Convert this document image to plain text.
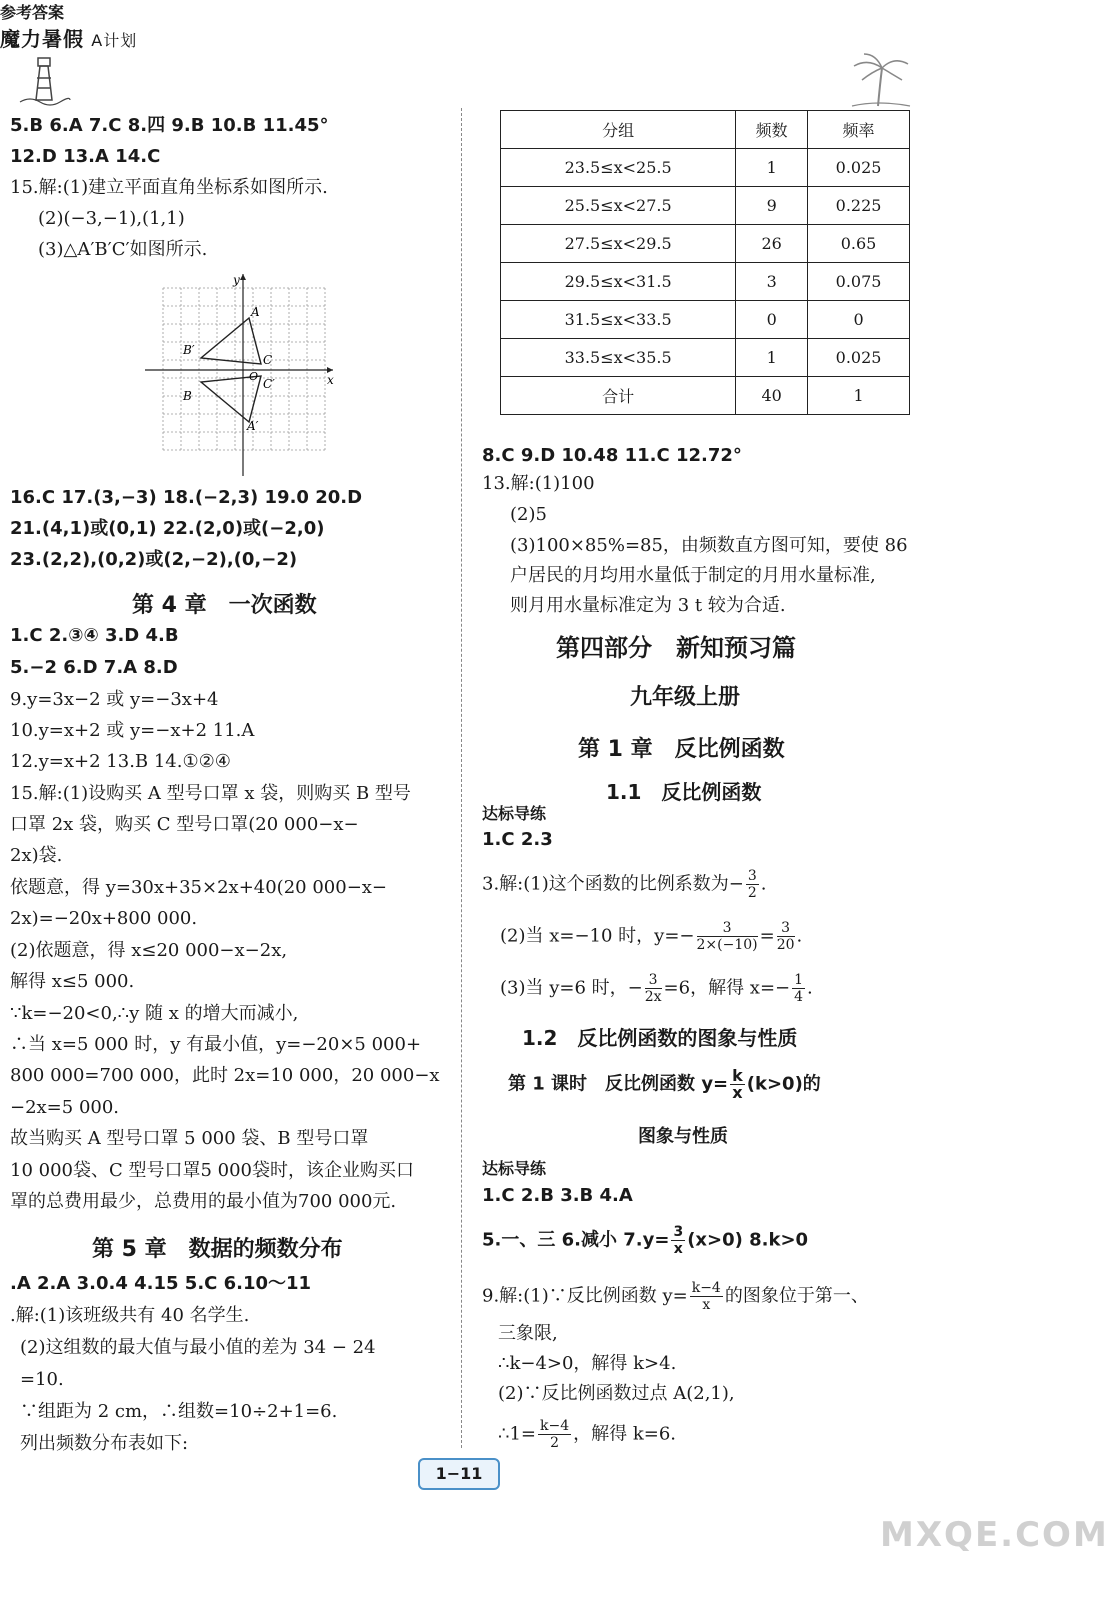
参考答案
魔力暑假 A计划
5.B 6.A 7.C 8.四 9.B 10.B 11.45°
12.D 13.A 14.C
15.解:(1)建立平面直角坐标系如图所示.
(2)(−3,−1),(1,1)
(3)△A′B′C′如图所示.
y
x
A
B′
C
O
C′
B
A′
16.C 17.(3,−3) 18.(−2,3) 19.0 20.D
21.(4,1)或(0,1) 22.(2,0)或(−2,0)
23.(2,2),(0,2)或(2,−2),(0,−2)
第 4 章　一次函数
1.C 2.③④ 3.D 4.B
5.−2 6.D 7.A 8.D
9.y=3x−2 或 y=−3x+4
10.y=x+2 或 y=−x+2 11.A
12.y=x+2 13.B 14.①②④
15.解:(1)设购买 A 型号口罩 x 袋，则购买 B 型号
口罩 2x 袋，购买 C 型号口罩(20 000−x−
2x)袋.
依题意，得 y=30x+35×2x+40(20 000−x−
2x)=−20x+800 000.
(2)依题意，得 x≤20 000−x−2x,
解得 x≤5 000.
∵k=−20<0,∴y 随 x 的增大而减小,
∴当 x=5 000 时，y 有最小值，y=−20×5 000+
800 000=700 000，此时 2x=10 000，20 000−x
−2x=5 000.
故当购买 A 型号口罩 5 000 袋、B 型号口罩
10 000袋、C 型号口罩5 000袋时，该企业购买口
罩的总费用最少，总费用的最小值为700 000元.
第 5 章　数据的频数分布
.A 2.A 3.0.4 4.15 5.C 6.10～11
.解:(1)该班级共有 40 名学生.
(2)这组数的最大值与最小值的差为 34 − 24
=10.
∵组距为 2 cm，∴组数=10÷2+1=6.
列出频数分布表如下:
分组	频数	频率
23.5≤x<25.5	1	0.025
25.5≤x<27.5	9	0.225
27.5≤x<29.5	26	0.65
29.5≤x<31.5	3	0.075
31.5≤x<33.5	0	0
33.5≤x<35.5	1	0.025
合计	40	1
8.C 9.D 10.48 11.C 12.72°
13.解:(1)100
(2)5
(3)100×85%=85，由频数直方图可知，要使 86
户居民的月均用水量低于制定的月用水量标准,
则月用水量标准定为 3 t 较为合适.
第四部分　新知预习篇
九年级上册
第 1 章　反比例函数
1.1　反比例函数
达标导练
1.C 2.3
3.解:(1)这个函数的比例系数为− $\frac{3}{2}$ .
(2)当 x=−10 时，$y=- \frac{3}{2\times(-10)} = \frac{3}{20}$ .
(3)当 y=6 时，− $\frac{3}{2x} =6$，解得 $x=- \frac{1}{4}$ .
1.2　反比例函数的图象与性质
第 1 课时　反比例函数 $y= \frac{k}{x} (k>0)$的
图象与性质
达标导练
1.C 2.B 3.B 4.A
5.一、三 6.减小 $7.y= \frac{3}{x} (x>0)$ 8.k>0
9.解:(1)∵反比例函数 $y= \frac{k-4}{x}$ 的图象位于第一、
三象限,
∴k−4>0，解得 k>4.
(2)∵反比例函数过点 A(2,1),
∴1= $\frac{k-4}{2}$ ，解得 k=6.
1−11
MXQE.COM
